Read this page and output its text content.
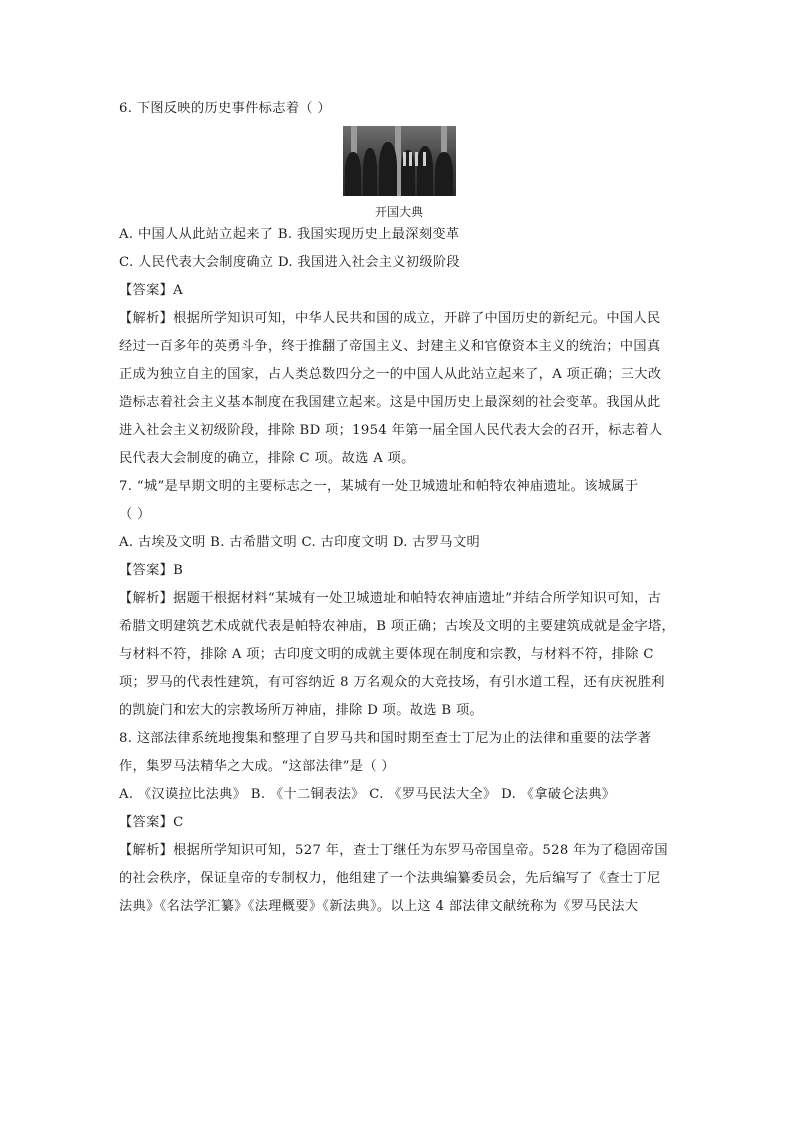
6. 下图反映的历史事件标志着（ ）

开国大典

A. 中国人从此站立起来了 B. 我国实现历史上最深刻变革

C. 人民代表大会制度确立 D. 我国进入社会主义初级阶段

【答案】A

【解析】根据所学知识可知，中华人民共和国的成立，开辟了中国历史的新纪元。中国人民

经过一百多年的英勇斗争，终于推翻了帝国主义、封建主义和官僚资本主义的统治；中国真

正成为独立自主的国家，占人类总数四分之一的中国人从此站立起来了，A 项正确；三大改

造标志着社会主义基本制度在我国建立起来。这是中国历史上最深刻的社会变革。我国从此

进入社会主义初级阶段，排除 BD 项；1954 年第一届全国人民代表大会的召开，标志着人

民代表大会制度的确立，排除 C 项。故选 A 项。

7. “城”是早期文明的主要标志之一，某城有一处卫城遗址和帕特农神庙遗址。该城属于

（ ）

A. 古埃及文明 B. 古希腊文明 C. 古印度文明 D. 古罗马文明

【答案】B

【解析】据题干根据材料“某城有一处卫城遗址和帕特农神庙遗址”并结合所学知识可知，古

希腊文明建筑艺术成就代表是帕特农神庙，B 项正确；古埃及文明的主要建筑成就是金字塔，

与材料不符，排除 A 项；古印度文明的成就主要体现在制度和宗教，与材料不符，排除 C

项；罗马的代表性建筑，有可容纳近 8 万名观众的大竞技场，有引水道工程，还有庆祝胜利

的凯旋门和宏大的宗教场所万神庙，排除 D 项。故选 B 项。

8. 这部法律系统地搜集和整理了自罗马共和国时期至查士丁尼为止的法律和重要的法学著

作，集罗马法精华之大成。“这部法律”是（ ）

A. 《汉谟拉比法典》 B. 《十二铜表法》 C. 《罗马民法大全》 D. 《拿破仑法典》

【答案】C

【解析】根据所学知识可知，527 年，查士丁继任为东罗马帝国皇帝。528 年为了稳固帝国

的社会秩序，保证皇帝的专制权力，他组建了一个法典编纂委员会，先后编写了《查士丁尼

法典》《名法学汇纂》《法理概要》《新法典》。以上这 4 部法律文献统称为《罗马民法大
